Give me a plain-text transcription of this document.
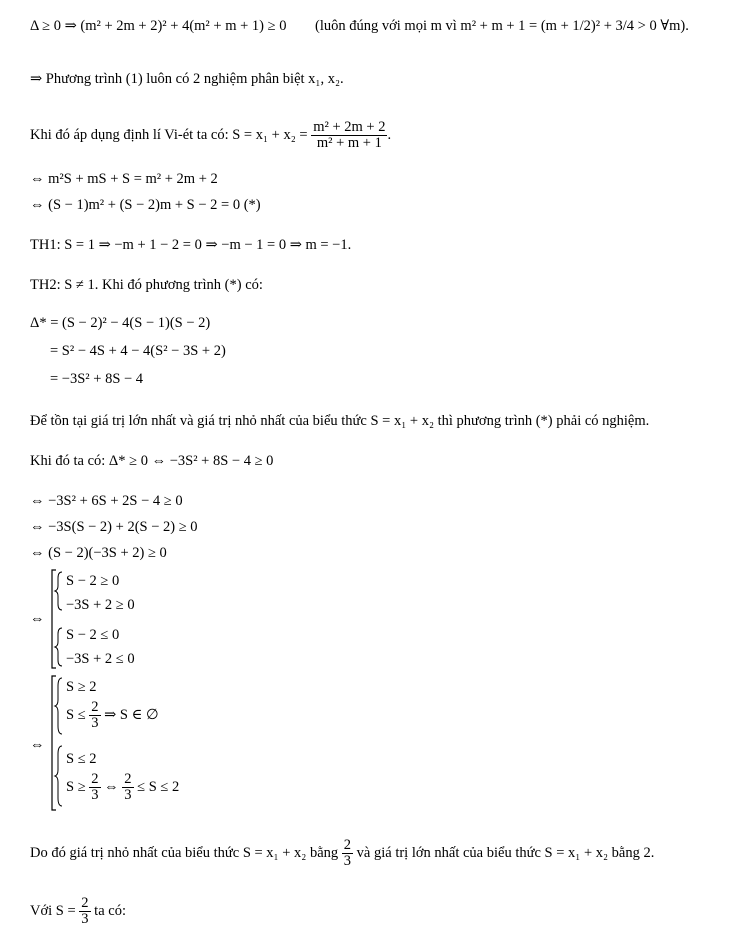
Δ ≥ 0 ⇒ (m² + 2m + 2)² + 4(m² + m + 1) ≥ 0 (luôn đúng với mọi m vì m² + m + 1 = (m + 1/2)² + 3/4 > 0 ∀m).
⇒ Phương trình (1) luôn có 2 nghiệm phân biệt x₁, x₂.
Khi đó áp dụng định lí Vi-ét ta có: $S = x_1 + x_2 = \frac{\text{m² + 2m + 2}}{\text{m² + m + 1}}$ .
⇔ m²S + mS + S = m² + 2m + 2
⇔ (S − 1)m² + (S − 2)m + S − 2 = 0 (*)
TH1: S = 1 ⇒ −m + 1 − 2 = 0 ⇒ −m − 1 = 0 ⇒ m = −1.
TH2: S ≠ 1. Khi đó phương trình (*) có:
Δ* = (S − 2)² − 4(S − 1)(S − 2)
= S² − 4S + 4 − 4(S² − 3S + 2)
= −3S² + 8S − 4
Để tồn tại giá trị lớn nhất và giá trị nhỏ nhất của biểu thức S = x₁ + x₂ thì phương trình (*) phải có nghiệm.
Khi đó ta có: Δ* ≥ 0 ⇔ −3S² + 8S − 4 ≥ 0
⇔ −3S² + 6S + 2S − 4 ≥ 0
⇔ −3S(S − 2) + 2(S − 2) ≥ 0
⇔ (S − 2)(−3S + 2) ≥ 0
⇔
S − 2 ≥ 0
−3S + 2 ≥ 0
S − 2 ≤ 0
−3S + 2 ≤ 0
⇔
S ≥ 2
$S \le \frac{2}{3}$ ⇒ S ∈ ∅
S ≤ 2
$S \ge \frac{2}{3}$ ⇔ $\frac{2}{3} \le S \le 2$
Do đó giá trị nhỏ nhất của biểu thức S = x₁ + x₂ bằng $\frac{2}{3}$ và giá trị lớn nhất của biểu thức S = x₁ + x₂ bằng 2.
Với $S = \frac{2}{3}$ ta có:
